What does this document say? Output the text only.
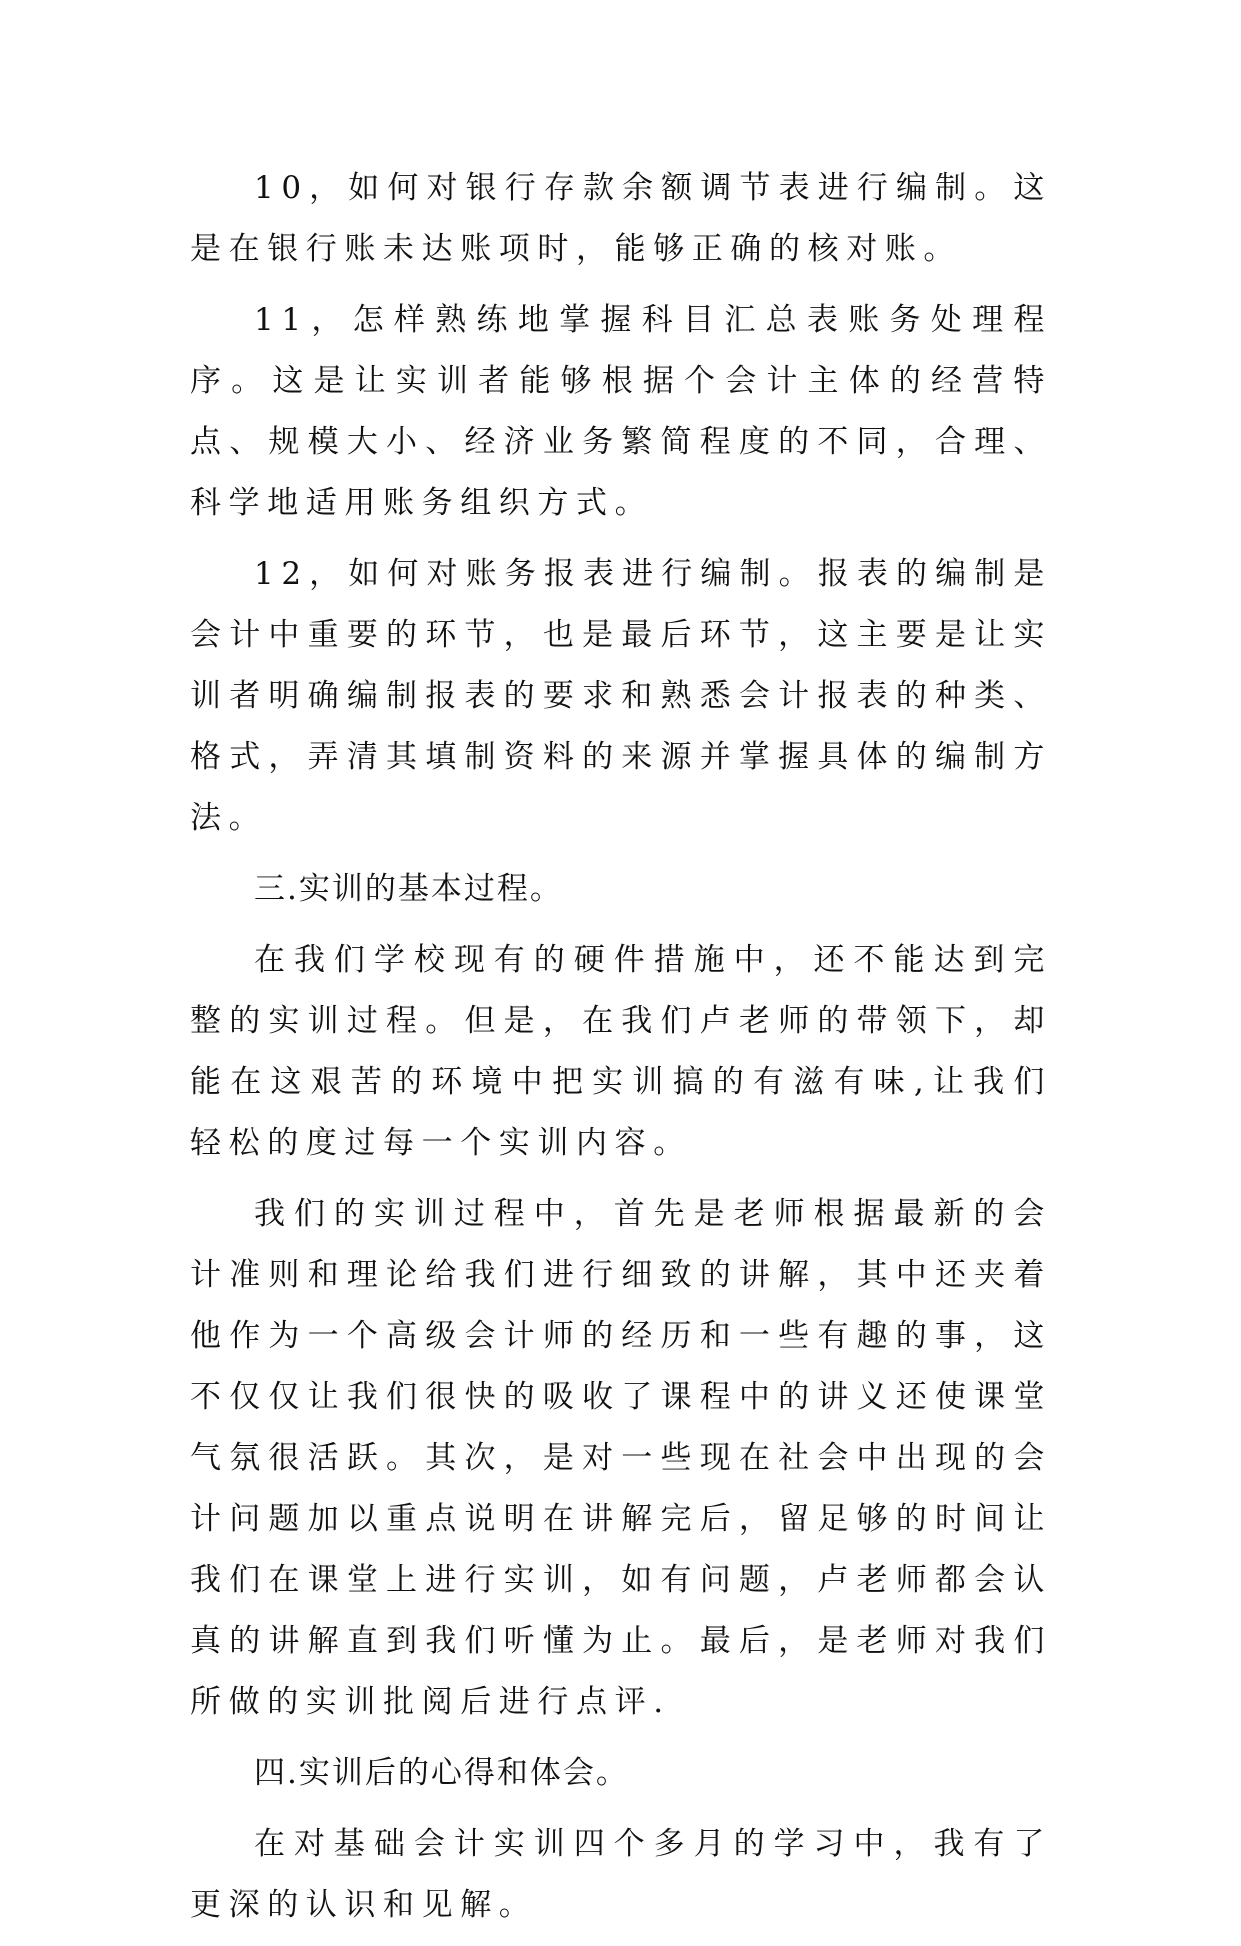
10，如何对银行存款余额调节表进行编制。这是在银行账未达账项时，能够正确的核对账。

11，怎样熟练地掌握科目汇总表账务处理程序。这是让实训者能够根据个会计主体的经营特点、规模大小、经济业务繁简程度的不同，合理、科学地适用账务组织方式。

12，如何对账务报表进行编制。报表的编制是会计中重要的环节，也是最后环节，这主要是让实训者明确编制报表的要求和熟悉会计报表的种类、格式，弄清其填制资料的来源并掌握具体的编制方法。

三.实训的基本过程。

在我们学校现有的硬件措施中，还不能达到完整的实训过程。但是，在我们卢老师的带领下，却能在这艰苦的环境中把实训搞的有滋有味,让我们轻松的度过每一个实训内容。

我们的实训过程中，首先是老师根据最新的会计准则和理论给我们进行细致的讲解，其中还夹着他作为一个高级会计师的经历和一些有趣的事，这不仅仅让我们很快的吸收了课程中的讲义还使课堂气氛很活跃。其次，是对一些现在社会中出现的会计问题加以重点说明在讲解完后，留足够的时间让我们在课堂上进行实训，如有问题，卢老师都会认真的讲解直到我们听懂为止。最后，是老师对我们所做的实训批阅后进行点评.

四.实训后的心得和体会。

在对基础会计实训四个多月的学习中，我有了更深的认识和见解。
